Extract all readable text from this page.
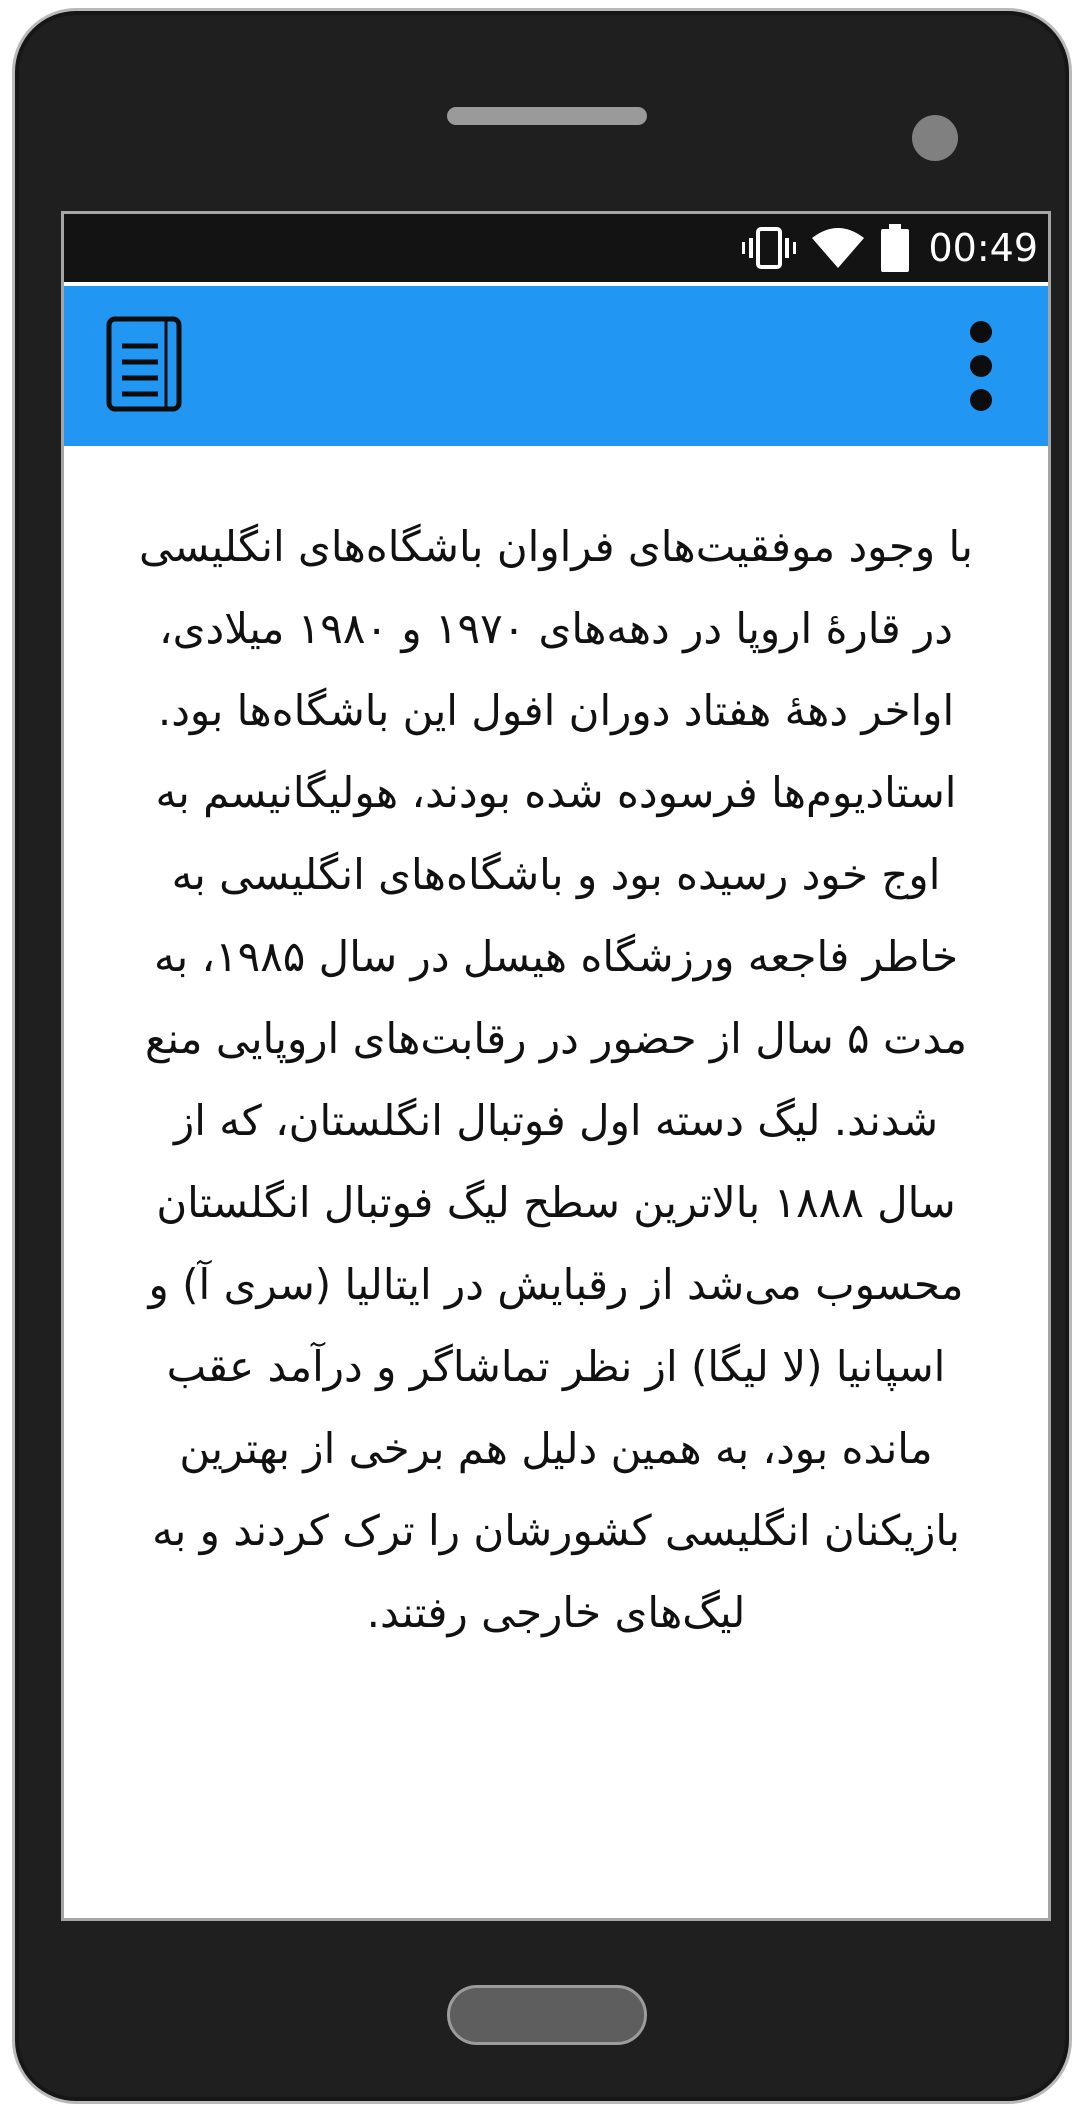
00:49

با وجود موفقیت‌های فراوان باشگاه‌های انگلیسی در قارهٔ اروپا در دهه‌های ۱۹۷۰ و ۱۹۸۰ میلادی، اواخر دههٔ هفتاد دوران افول این باشگاه‌ها بود. استادیوم‌ها فرسوده شده بودند، هولیگانیسم به اوج خود رسیده بود و باشگاه‌های انگلیسی به خاطر فاجعه ورزشگاه هیسل در سال ۱۹۸۵، به مدت ۵ سال از حضور در رقابت‌های اروپایی منع شدند. لیگ دسته اول فوتبال انگلستان، که از سال ۱۸۸۸ بالاترین سطح لیگ فوتبال انگلستان محسوب می‌شد از رقبایش در ایتالیا (سری آ) و اسپانیا (لا لیگا) از نظر تماشاگر و درآمد عقب مانده بود، به همین دلیل هم برخی از بهترین بازیکنان انگلیسی کشورشان را ترک کردند و به لیگ‌های خارجی رفتند.
